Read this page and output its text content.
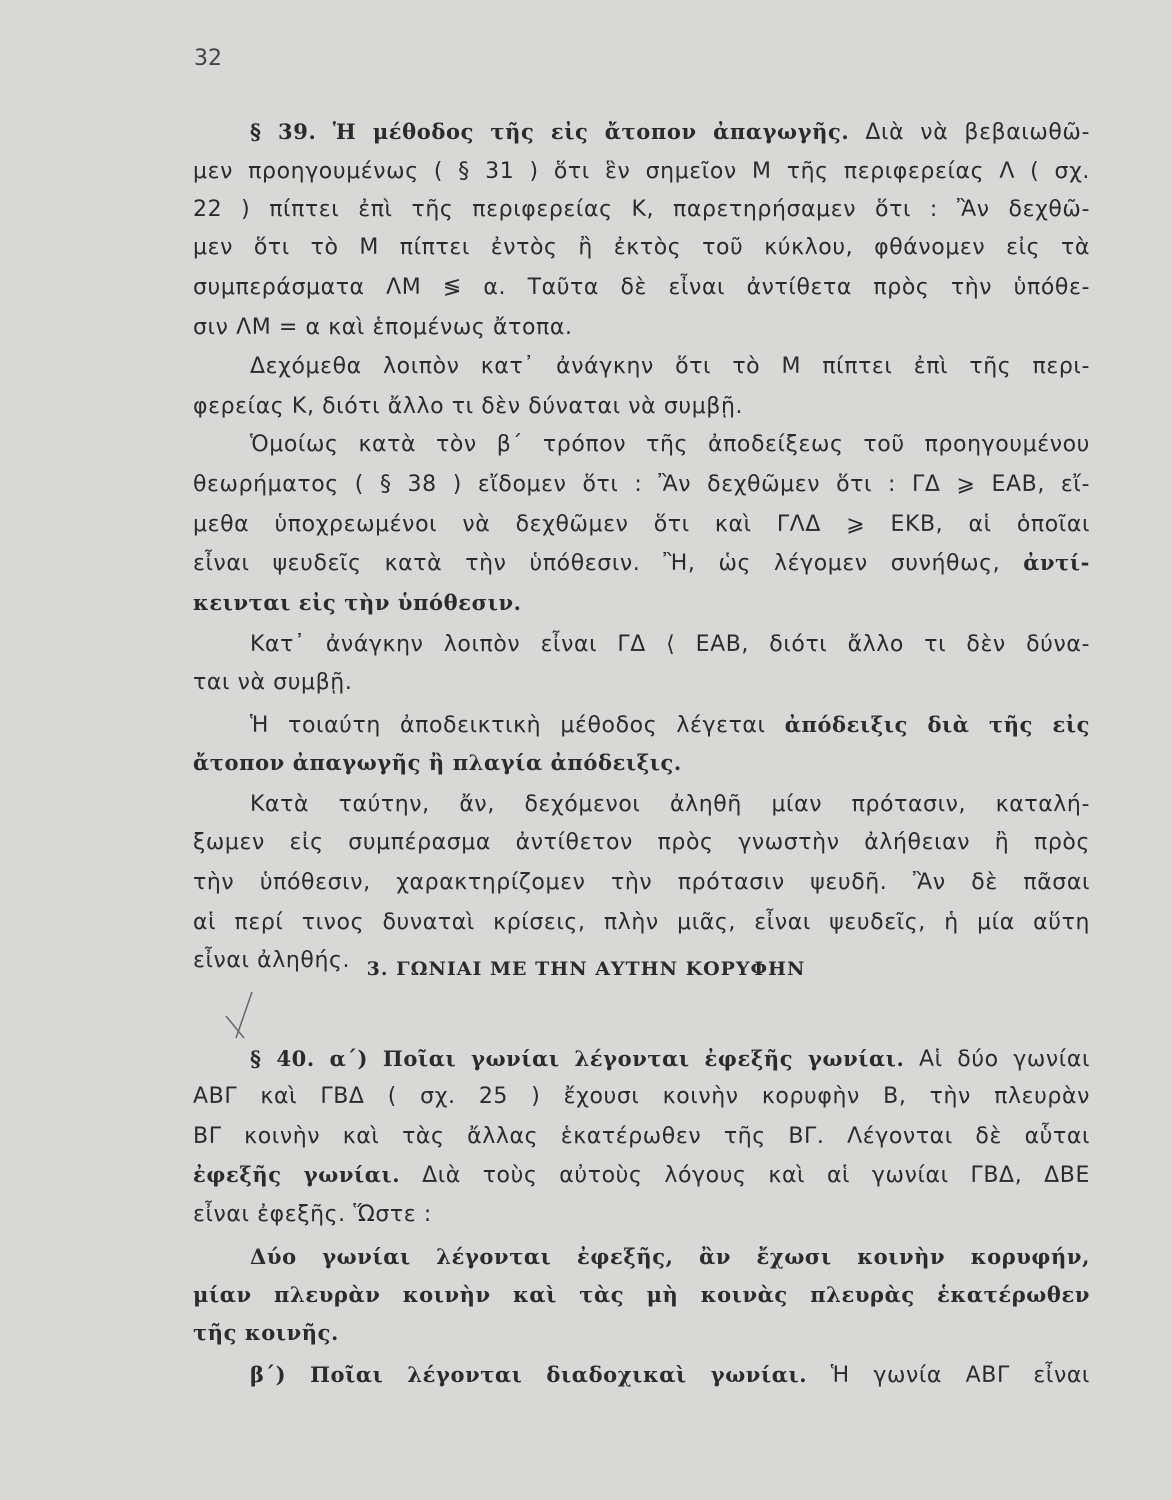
32
§ 39. Ἡ μέθοδος τῆς εἰς ἄτοπον ἀπαγωγῆς. Διὰ νὰ βεβαιωθῶ-
μεν προηγουμένως ( § 31 ) ὅτι ἓν σημεῖον Μ τῆς περιφερείας Λ ( σχ.
22 ) πίπτει ἐπὶ τῆς περιφερείας Κ, παρετηρήσαμεν ὅτι : Ἂν δεχθῶ-
μεν ὅτι τὸ Μ πίπτει ἐντὸς ἢ ἐκτὸς τοῦ κύκλου, φθάνομεν εἰς τὰ
συμπεράσματα ΛΜ ≶ α. Ταῦτα δὲ εἶναι ἀντίθετα πρὸς τὴν ὑπόθε-
σιν ΛΜ = α καὶ ἑπομένως ἄτοπα.
Δεχόμεθα λοιπὸν κατ᾽ ἀνάγκην ὅτι τὸ Μ πίπτει ἐπὶ τῆς περι-
φερείας Κ, διότι ἄλλο τι δὲν δύναται νὰ συμβῇ.
Ὁμοίως κατὰ τὸν β΄ τρόπον τῆς ἀποδείξεως τοῦ προηγουμένου
θεωρήματος ( § 38 ) εἴδομεν ὅτι : Ἂν δεχθῶμεν ὅτι : ΓΔ ⩾ ΕΑΒ, εἴ-
μεθα ὑποχρεωμένοι νὰ δεχθῶμεν ὅτι καὶ ΓΛΔ ⩾ ΕΚΒ, αἱ ὁποῖαι
εἶναι ψευδεῖς κατὰ τὴν ὑπόθεσιν. Ἢ, ὡς λέγομεν συνήθως, ἀντί-
κεινται εἰς τὴν ὑπόθεσιν.
Κατ᾽ ἀνάγκην λοιπὸν εἶναι ΓΔ ⟨ ΕΑΒ, διότι ἄλλο τι δὲν δύνα-
ται νὰ συμβῇ.
Ἡ τοιαύτη ἀποδεικτικὴ μέθοδος λέγεται ἀπόδειξις διὰ τῆς εἰς
ἄτοπον ἀπαγωγῆς ἢ πλαγία ἀπόδειξις.
Κατὰ ταύτην, ἄν, δεχόμενοι ἀληθῆ μίαν πρότασιν, καταλή-
ξωμεν εἰς συμπέρασμα ἀντίθετον πρὸς γνωστὴν ἀλήθειαν ἢ πρὸς
τὴν ὑπόθεσιν, χαρακτηρίζομεν τὴν πρότασιν ψευδῆ. Ἂν δὲ πᾶσαι
αἱ περί τινος δυναταὶ κρίσεις, πλὴν μιᾶς, εἶναι ψευδεῖς, ἡ μία αὕτη
εἶναι ἀληθής.
§ 40. α΄) Ποῖαι γωνίαι λέγονται ἐφεξῆς γωνίαι. Αἱ δύο γωνίαι
ΑΒΓ καὶ ΓΒΔ ( σχ. 25 ) ἔχουσι κοινὴν κορυφὴν Β, τὴν πλευρὰν
ΒΓ κοινὴν καὶ τὰς ἄλλας ἑκατέρωθεν τῆς ΒΓ. Λέγονται δὲ αὗται
ἐφεξῆς γωνίαι. Διὰ τοὺς αὐτοὺς λόγους καὶ αἱ γωνίαι ΓΒΔ, ΔΒΕ
εἶναι ἐφεξῆς. Ὥστε :
Δύο γωνίαι λέγονται ἐφεξῆς, ἂν ἔχωσι κοινὴν κορυφήν,
μίαν πλευρὰν κοινὴν καὶ τὰς μὴ κοινὰς πλευρὰς ἑκατέρωθεν
τῆς κοινῆς.
β΄) Ποῖαι λέγονται διαδοχικαὶ γωνίαι. Ἡ γωνία ΑΒΓ εἶναι
3. ΓΩΝΙΑΙ ΜΕ ΤΗΝ ΑΥΤΗΝ ΚΟΡΥΦΗΝ
